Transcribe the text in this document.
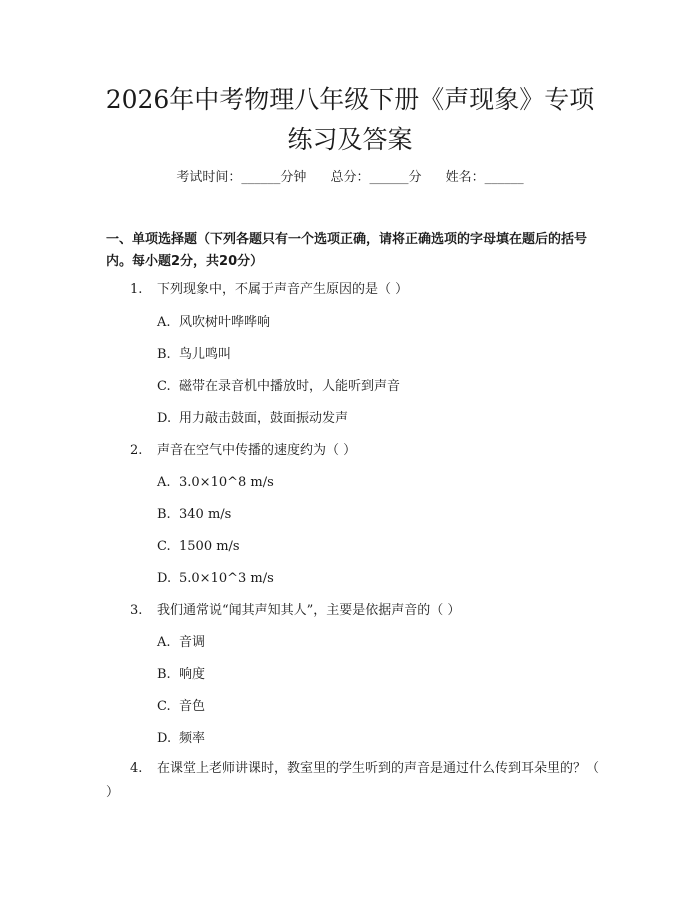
2026年中考物理八年级下册《声现象》专项
练习及答案
考试时间：______分钟 总分：______分 姓名：______

一、单项选择题（下列各题只有一个选项正确，请将正确选项的字母填在题后的括号内。每小题2分，共20分）

1. 下列现象中，不属于声音产生原因的是（ ）
A. 风吹树叶哗哗响
B. 鸟儿鸣叫
C. 磁带在录音机中播放时，人能听到声音
D. 用力敲击鼓面，鼓面振动发声
2. 声音在空气中传播的速度约为（ ）
A. 3.0×10^8 m/s
B. 340 m/s
C. 1500 m/s
D. 5.0×10^3 m/s
3. 我们通常说“闻其声知其人”，主要是依据声音的（ ）
A. 音调
B. 响度
C. 音色
D. 频率
4. 在课堂上老师讲课时，教室里的学生听到的声音是通过什么传到耳朵里的？（ ）
